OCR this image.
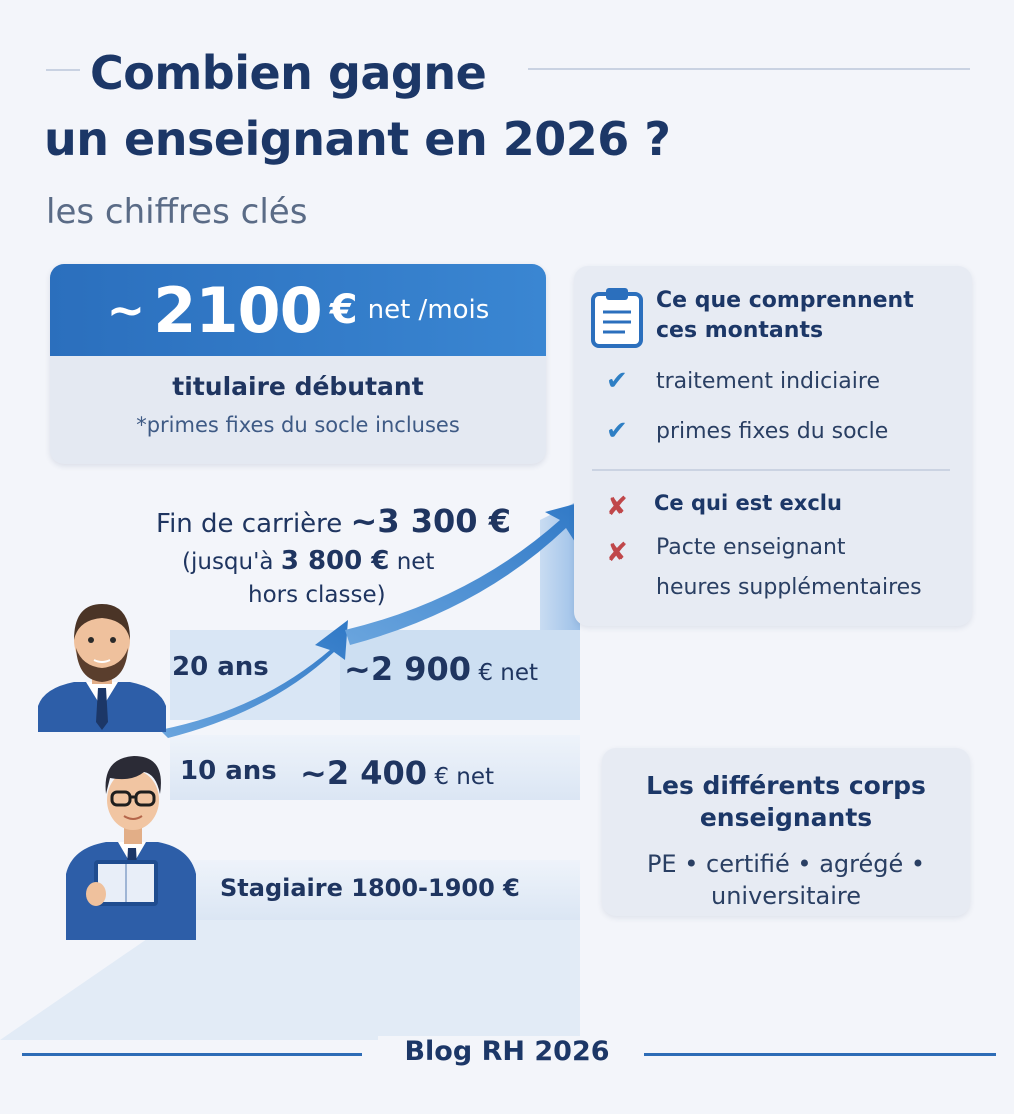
Combien gagne
un enseignant en 2026 ?
les chiffres clés
~ 2100 € net /mois
titulaire débutant
*primes fixes du socle incluses
Fin de carrière ~3 300 €
(jusqu'à 3 800 € net
hors classe)
20 ans ~2 900 € net
10 ans ~2 400 € net
Stagiaire 1800-1900 €
Ce que comprennent ces montants
✔	traitement indiciaire
✔	primes fixes du socle
✘ Ce qui est exclu
✘ Pacte enseignant
heures supplémentaires
Les différents corps enseignants
PE • certifié • agrégé • universitaire
Blog RH 2026
